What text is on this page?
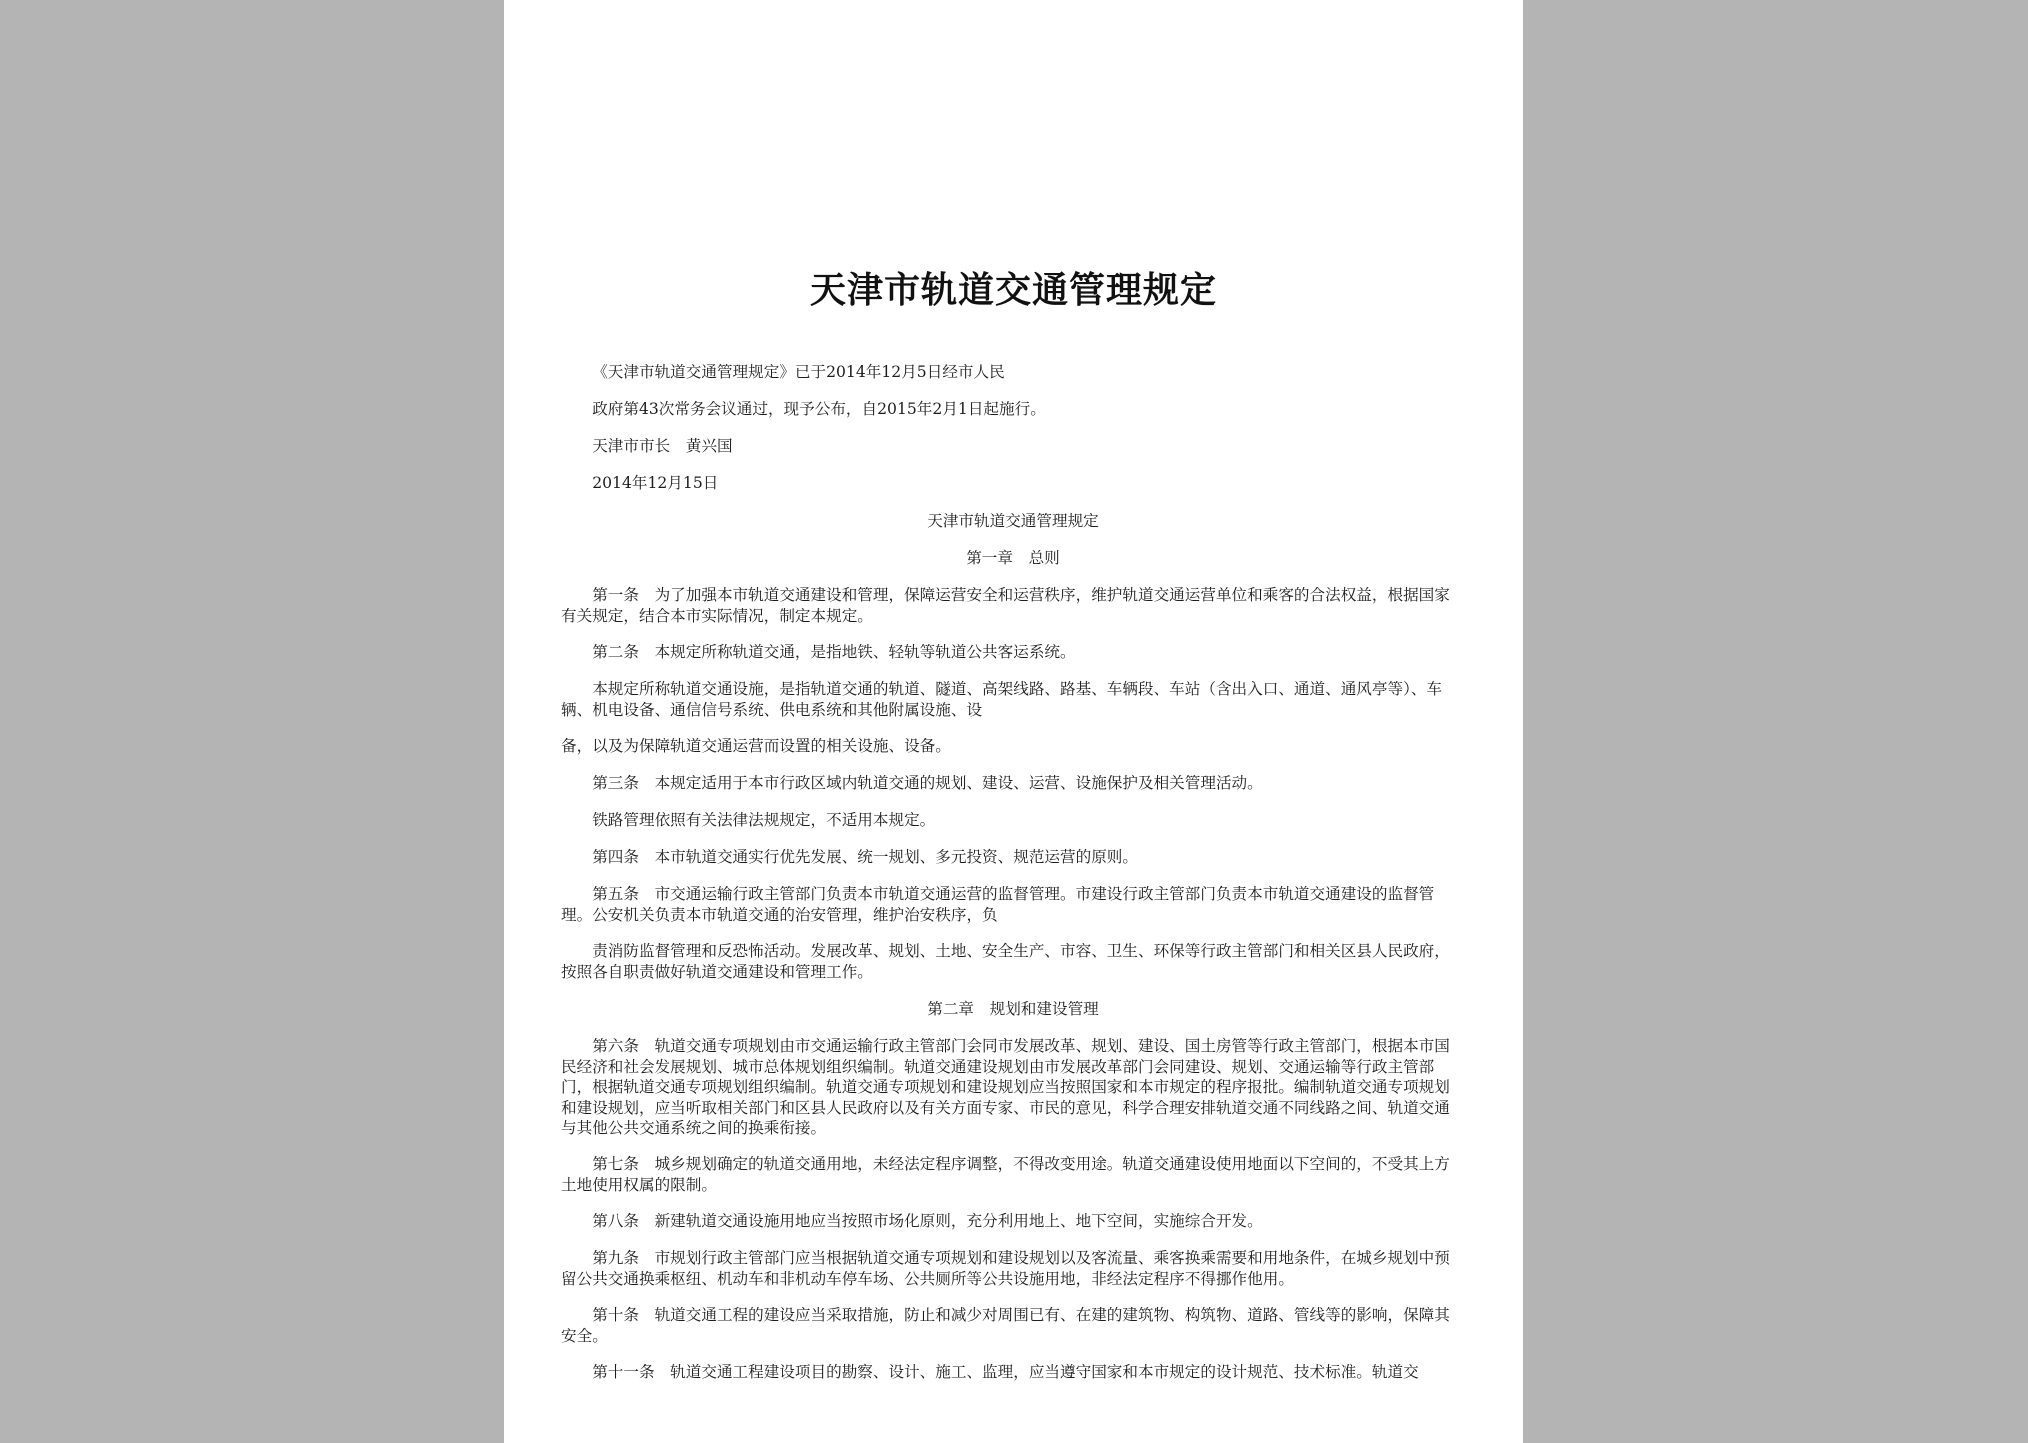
天津市轨道交通管理规定

《天津市轨道交通管理规定》已于2014年12月5日经市人民

政府第43次常务会议通过，现予公布，自2015年2月1日起施行。

天津市市长　黄兴国

2014年12月15日

天津市轨道交通管理规定

第一章　总则

第一条　为了加强本市轨道交通建设和管理，保障运营安全和运营秩序，维护轨道交通运营单位和乘客的合法权益，根据国家有关规定，结合本市实际情况，制定本规定。

第二条　本规定所称轨道交通，是指地铁、轻轨等轨道公共客运系统。

本规定所称轨道交通设施，是指轨道交通的轨道、隧道、高架线路、路基、车辆段、车站（含出入口、通道、通风亭等）、车辆、机电设备、通信信号系统、供电系统和其他附属设施、设

备，以及为保障轨道交通运营而设置的相关设施、设备。

第三条　本规定适用于本市行政区域内轨道交通的规划、建设、运营、设施保护及相关管理活动。

铁路管理依照有关法律法规规定，不适用本规定。

第四条　本市轨道交通实行优先发展、统一规划、多元投资、规范运营的原则。

第五条　市交通运输行政主管部门负责本市轨道交通运营的监督管理。市建设行政主管部门负责本市轨道交通建设的监督管理。公安机关负责本市轨道交通的治安管理，维护治安秩序，负

责消防监督管理和反恐怖活动。发展改革、规划、土地、安全生产、市容、卫生、环保等行政主管部门和相关区县人民政府，按照各自职责做好轨道交通建设和管理工作。

第二章　规划和建设管理

第六条　轨道交通专项规划由市交通运输行政主管部门会同市发展改革、规划、建设、国土房管等行政主管部门，根据本市国民经济和社会发展规划、城市总体规划组织编制。轨道交通建设规划由市发展改革部门会同建设、规划、交通运输等行政主管部门，根据轨道交通专项规划组织编制。轨道交通专项规划和建设规划应当按照国家和本市规定的程序报批。编制轨道交通专项规划和建设规划，应当听取相关部门和区县人民政府以及有关方面专家、市民的意见，科学合理安排轨道交通不同线路之间、轨道交通与其他公共交通系统之间的换乘衔接。

第七条　城乡规划确定的轨道交通用地，未经法定程序调整，不得改变用途。轨道交通建设使用地面以下空间的，不受其上方土地使用权属的限制。

第八条　新建轨道交通设施用地应当按照市场化原则，充分利用地上、地下空间，实施综合开发。

第九条　市规划行政主管部门应当根据轨道交通专项规划和建设规划以及客流量、乘客换乘需要和用地条件，在城乡规划中预留公共交通换乘枢纽、机动车和非机动车停车场、公共厕所等公共设施用地，非经法定程序不得挪作他用。

第十条　轨道交通工程的建设应当采取措施，防止和减少对周围已有、在建的建筑物、构筑物、道路、管线等的影响，保障其安全。

第十一条　轨道交通工程建设项目的勘察、设计、施工、监理，应当遵守国家和本市规定的设计规范、技术标准。轨道交
